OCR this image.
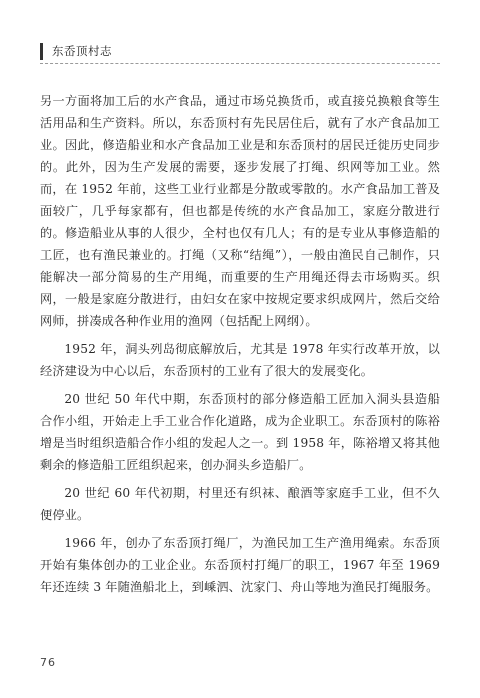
东岙顶村志

另一方面将加工后的水产食品，通过市场兑换货币，或直接兑换粮食等生活用品和生产资料。所以，东岙顶村有先民居住后，就有了水产食品加工业。因此，修造船业和水产食品加工业是和东岙顶村的居民迁徙历史同步的。此外，因为生产发展的需要，逐步发展了打绳、织网等加工业。然而，在 1952 年前，这些工业行业都是分散或零散的。水产食品加工普及面较广，几乎每家都有，但也都是传统的水产食品加工，家庭分散进行的。修造船业从事的人很少，全村也仅有几人；有的是专业从事修造船的工匠，也有渔民兼业的。打绳（又称“结绳”），一般由渔民自己制作，只能解决一部分简易的生产用绳，而重要的生产用绳还得去市场购买。织网，一般是家庭分散进行，由妇女在家中按规定要求织成网片，然后交给网师，拼凑成各种作业用的渔网（包括配上网纲）。

1952 年，洞头列岛彻底解放后，尤其是 1978 年实行改革开放，以经济建设为中心以后，东岙顶村的工业有了很大的发展变化。

20 世纪 50 年代中期，东岙顶村的部分修造船工匠加入洞头县造船合作小组，开始走上手工业合作化道路，成为企业职工。东岙顶村的陈裕增是当时组织造船合作小组的发起人之一。到 1958 年，陈裕增又将其他剩余的修造船工匠组织起来，创办洞头乡造船厂。

20 世纪 60 年代初期，村里还有织袜、酿酒等家庭手工业，但不久便停业。

1966 年，创办了东岙顶打绳厂，为渔民加工生产渔用绳索。东岙顶开始有集体创办的工业企业。东岙顶村打绳厂的职工，1967 年至 1969 年还连续 3 年随渔船北上，到嵊泗、沈家门、舟山等地为渔民打绳服务。

76
